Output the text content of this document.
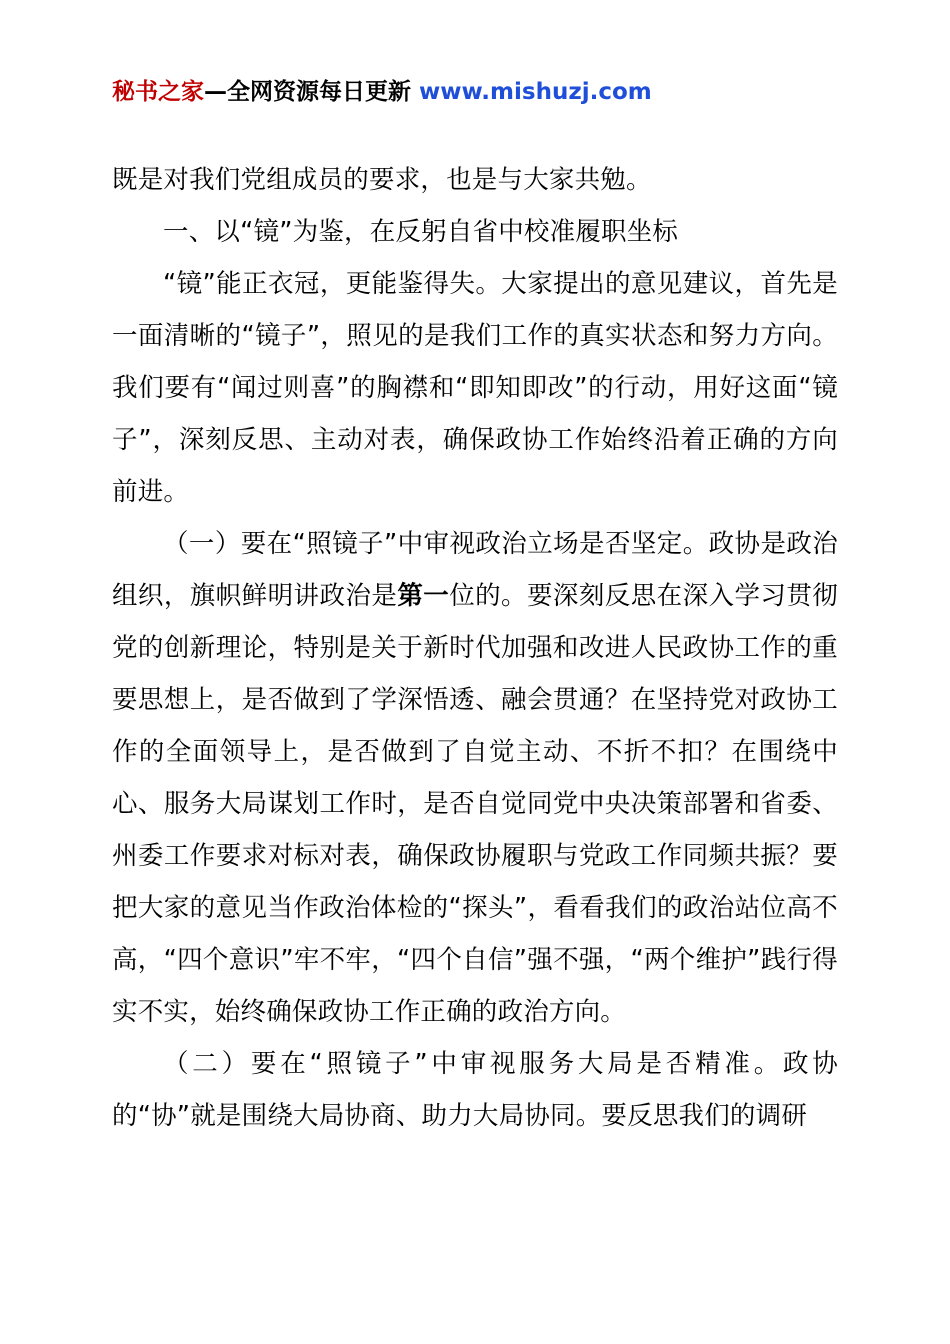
秘书之家—全网资源每日更新 www.mishuzj.com

既是对我们党组成员的要求，也是与大家共勉。

一、以“镜”为鉴，在反躬自省中校准履职坐标

“镜”能正衣冠，更能鉴得失。大家提出的意见建议，首先是一面清晰的“镜子”，照见的是我们工作的真实状态和努力方向。我们要有“闻过则喜”的胸襟和“即知即改”的行动，用好这面“镜子”，深刻反思、主动对表，确保政协工作始终沿着正确的方向前进。

（一）要在“照镜子”中审视政治立场是否坚定。政协是政治组织，旗帜鲜明讲政治是第一位的。要深刻反思在深入学习贯彻党的创新理论，特别是关于新时代加强和改进人民政协工作的重要思想上，是否做到了学深悟透、融会贯通？在坚持党对政协工作的全面领导上，是否做到了自觉主动、不折不扣？在围绕中心、服务大局谋划工作时，是否自觉同党中央决策部署和省委、州委工作要求对标对表，确保政协履职与党政工作同频共振？要把大家的意见当作政治体检的“探头”，看看我们的政治站位高不高，“四个意识”牢不牢，“四个自信”强不强，“两个维护”践行得实不实，始终确保政协工作正确的政治方向。

（二）要在“照镜子”中审视服务大局是否精准。政协的“协”就是围绕大局协商、助力大局协同。要反思我们的调研
